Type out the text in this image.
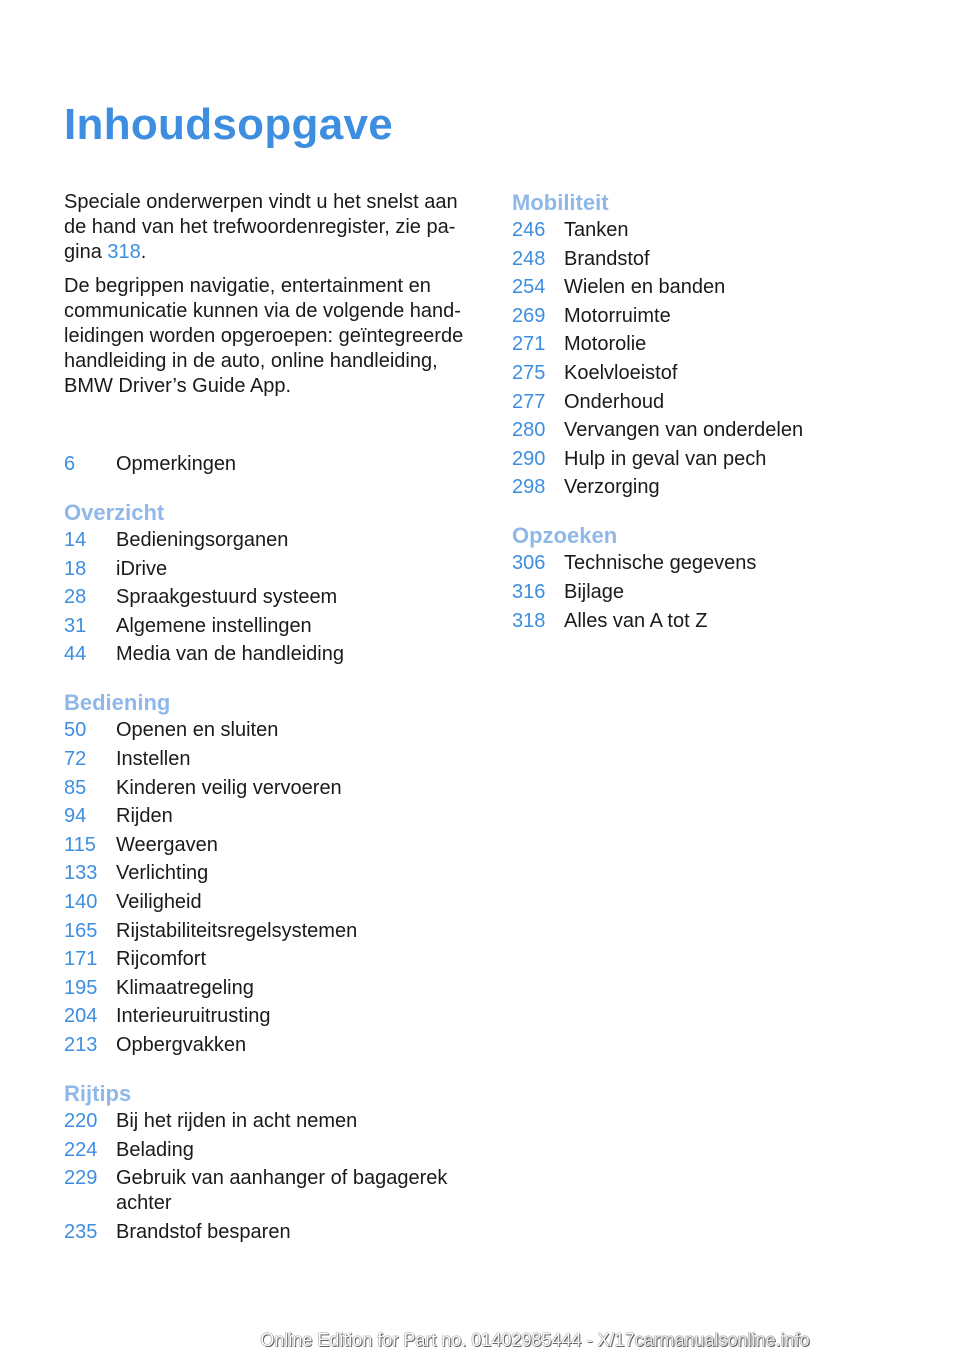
Inhoudsopgave

Speciale onderwerpen vindt u het snelst aan de hand van het trefwoordenregister, zie pa-gina 318.

De begrippen navigatie, entertainment en communicatie kunnen via de volgende hand-leidingen worden opgeroepen: geïntegreerde handleiding in de auto, online handleiding, BMW Driver’s Guide App.

6	Opmerkingen
Overzicht
14	Bedieningsorganen
18	iDrive
28	Spraakgestuurd systeem
31	Algemene instellingen
44	Media van de handleiding
Bediening
50	Openen en sluiten
72	Instellen
85	Kinderen veilig vervoeren
94	Rijden
115	Weergaven
133 Verlichting
140 Veiligheid
165 Rijstabiliteitsregelsystemen
171 Rijcomfort
195 Klimaatregeling
204 Interieuruitrusting
213 Opbergvakken
Rijtips
220 Bij het rijden in acht nemen
224 Belading
229 Gebruik van aanhanger of bagagerek achter
235 Brandstof besparen
Mobiliteit
246 Tanken
248 Brandstof
254 Wielen en banden
269 Motorruimte
271 Motorolie
275 Koelvloeistof
277 Onderhoud
280 Vervangen van onderdelen
290 Hulp in geval van pech
298 Verzorging
Opzoeken
306 Technische gegevens
316 Bijlage
318 Alles van A tot Z
Online Edition for Part no. 01402985444 - X/17carmanualsonline.info
